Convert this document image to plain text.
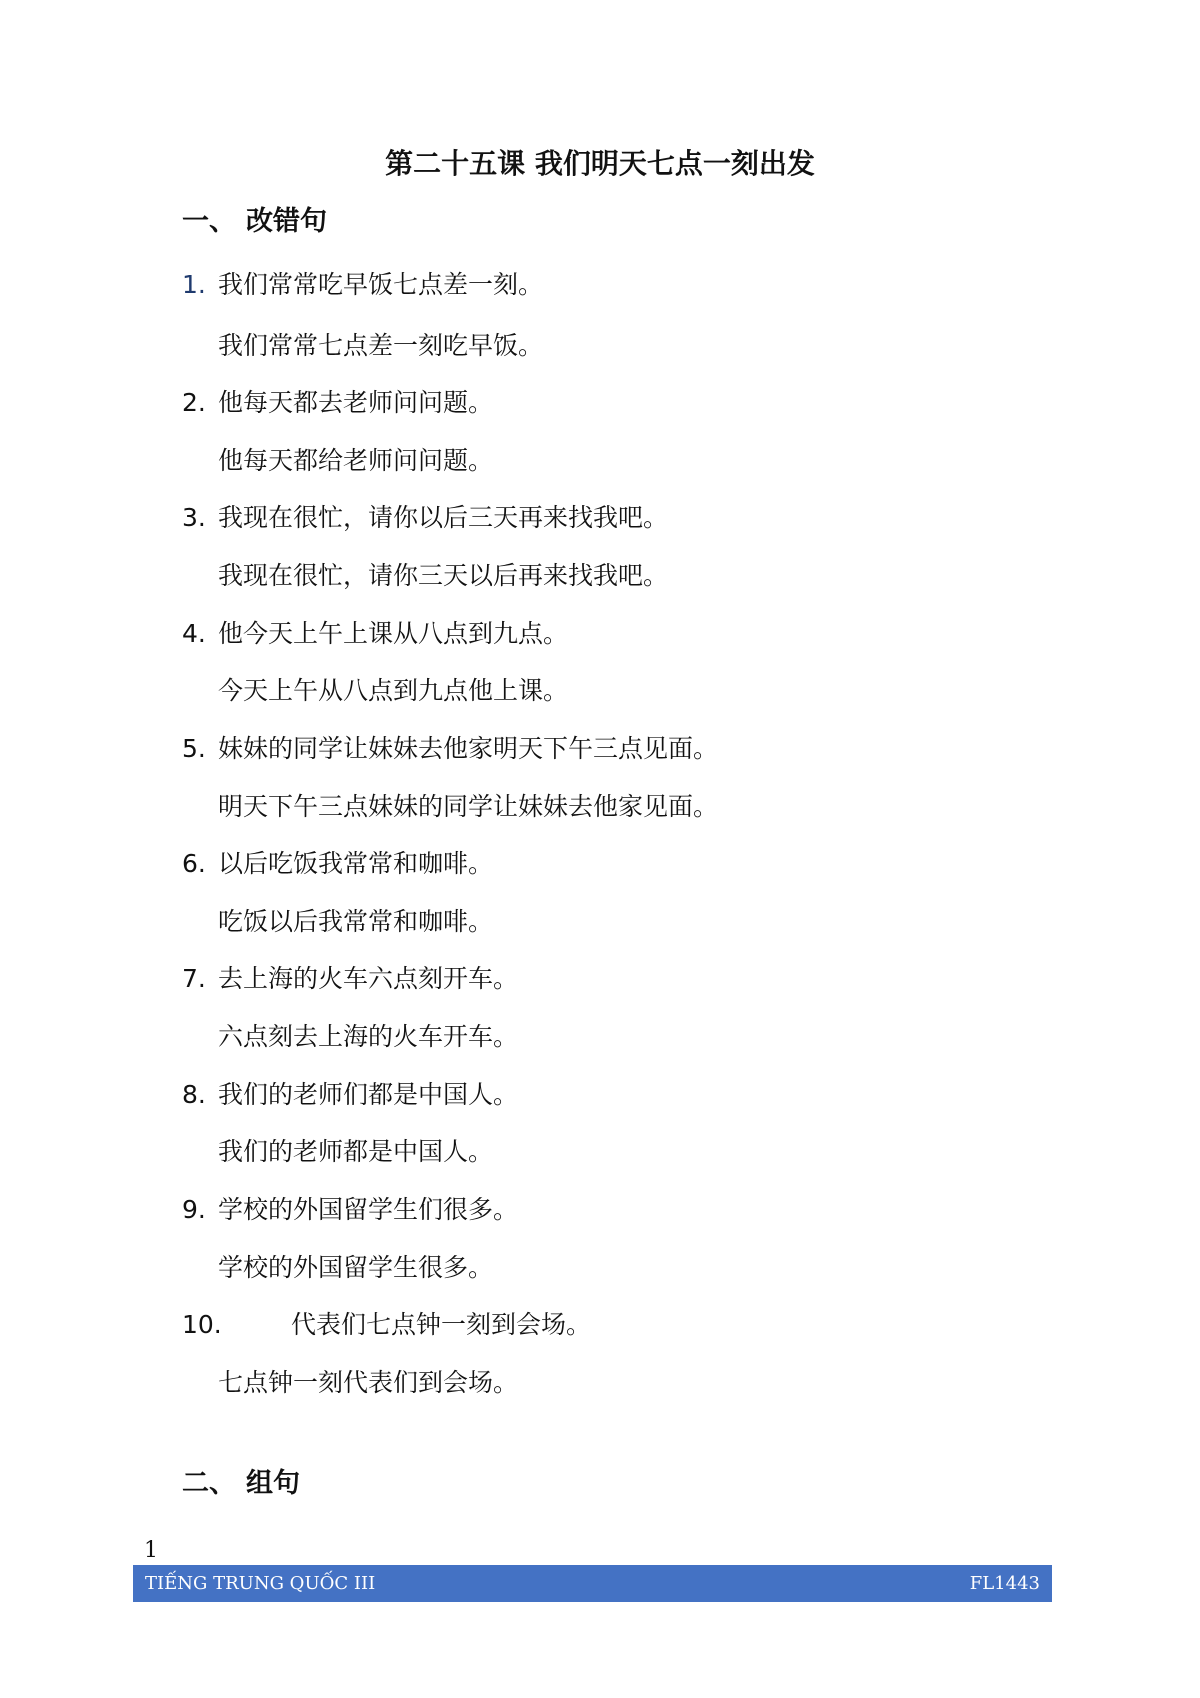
第二十五课 我们明天七点一刻出发
一、 改错句
1. 我们常常吃早饭七点差一刻。
我们常常七点差一刻吃早饭。
2. 他每天都去老师问问题。
他每天都给老师问问题。
3. 我现在很忙，请你以后三天再来找我吧。
我现在很忙，请你三天以后再来找我吧。
4. 他今天上午上课从八点到九点。
今天上午从八点到九点他上课。
5. 妹妹的同学让妹妹去他家明天下午三点见面。
明天下午三点妹妹的同学让妹妹去他家见面。
6. 以后吃饭我常常和咖啡。
吃饭以后我常常和咖啡。
7. 去上海的火车六点刻开车。
六点刻去上海的火车开车。
8. 我们的老师们都是中国人。
我们的老师都是中国人。
9. 学校的外国留学生们很多。
学校的外国留学生很多。
10.	代表们七点钟一刻到会场。
七点钟一刻代表们到会场。
二、 组句
1
TIẾNG TRUNG QUỐC III	FL1443
